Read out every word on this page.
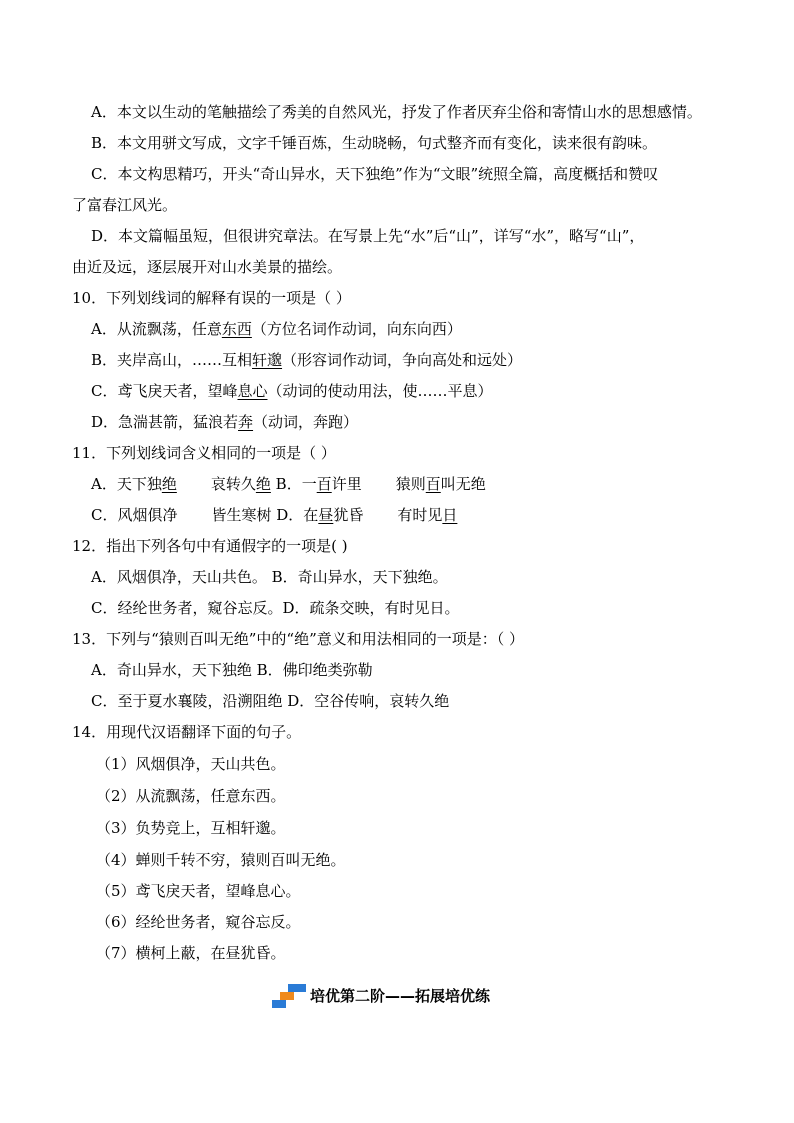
A．本文以生动的笔触描绘了秀美的自然风光，抒发了作者厌弃尘俗和寄情山水的思想感情。
B．本文用骈文写成，文字千锤百炼，生动晓畅，句式整齐而有变化，读来很有韵味。
C．本文构思精巧，开头“奇山异水，天下独绝”作为“文眼”统照全篇，高度概括和赞叹
了富春江风光。
D．本文篇幅虽短，但很讲究章法。在写景上先“水”后“山”，详写“水”，略写“山”，
由近及远，逐层展开对山水美景的描绘。
10．下列划线词的解释有误的一项是（ ）
A．从流飘荡，任意东西（方位名词作动词，向东向西）
B．夹岸高山，……互相轩邈（形容词作动词，争向高处和远处）
C．鸢飞戾天者，望峰息心（动词的使动用法，使……平息）
D．急湍甚箭，猛浪若奔（动词，奔跑）
11．下列划线词含义相同的一项是（ ）
A．天下独绝 哀转久绝 B．一百许里 猿则百叫无绝
C．风烟俱净 皆生寒树 D．在昼犹昏 有时见日
12．指出下列各句中有通假字的一项是( )
A．风烟俱净，天山共色。 B．奇山异水，天下独绝。
C．经纶世务者，窥谷忘反。D．疏条交映，有时见日。
13．下列与“猿则百叫无绝”中的“绝”意义和用法相同的一项是：（ ）
A．奇山异水，天下独绝 B．佛印绝类弥勒
C．至于夏水襄陵，沿溯阻绝 D．空谷传响，哀转久绝
14．用现代汉语翻译下面的句子。
（1）风烟俱净，天山共色。
（2）从流飘荡，任意东西。
（3）负势竞上，互相轩邈。
（4）蝉则千转不穷，猿则百叫无绝。
（5）鸢飞戾天者，望峰息心。
（6）经纶世务者，窥谷忘反。
（7）横柯上蔽，在昼犹昏。
培优第二阶——拓展培优练
